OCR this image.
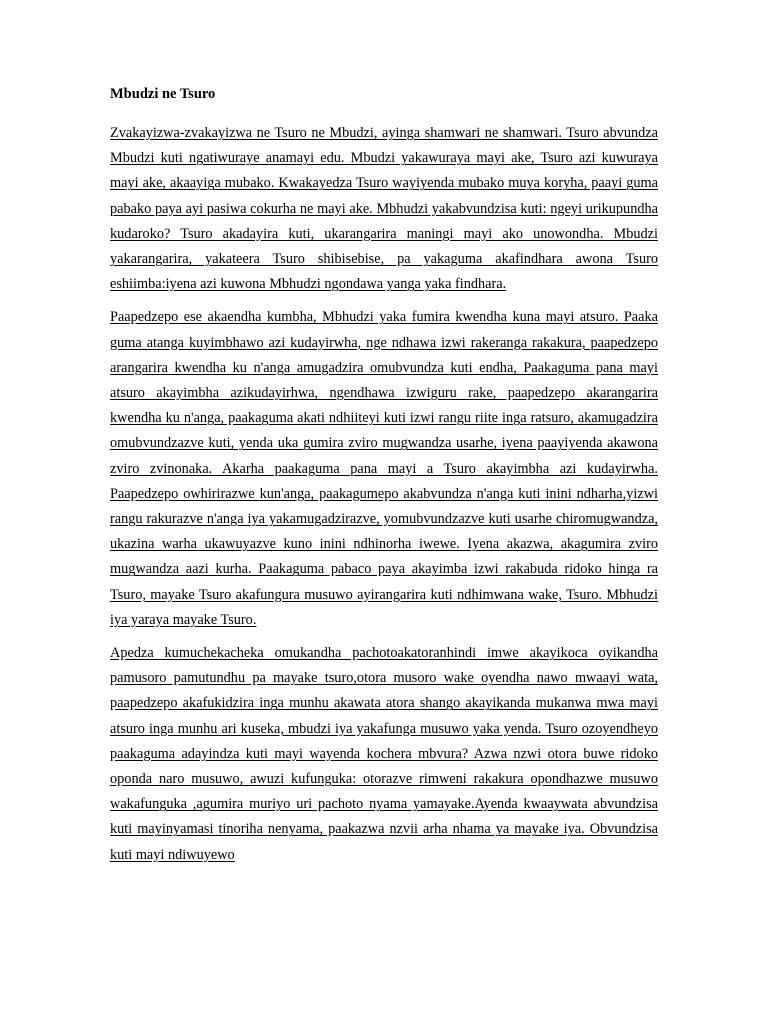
Mbudzi ne Tsuro

Zvakayizwa-zvakayizwa ne Tsuro ne Mbudzi, ayinga shamwari ne shamwari. Tsuro abvundza Mbudzi kuti ngatiwuraye anamayi edu. Mbudzi yakawuraya mayi ake, Tsuro azi kuwuraya mayi ake, akaayiga mubako. Kwakayedza Tsuro wayiyenda mubako muya koryha, paayi guma pabako paya ayi pasiwa cokurha ne mayi ake. Mbhudzi yakabvundzisa kuti: ngeyi urikupundha kudaroko? Tsuro akadayira kuti, ukarangarira maningi mayi ako unowondha. Mbudzi yakarangarira, yakateera Tsuro shibisebise, pa yakaguma akafindhara awona Tsuro eshiimba:iyena azi kuwona Mbhudzi ngondawa yanga yaka findhara.

Paapedzepo ese akaendha kumbha, Mbhudzi yaka fumira kwendha kuna mayi atsuro. Paaka guma atanga kuyimbhawo azi kudayirwha, nge ndhawa izwi rakeranga rakakura, paapedzepo arangarira kwendha ku n'anga amugadzira omubvundza kuti endha, Paakaguma pana mayi atsuro akayimbha azikudayirhwa, ngendhawa izwiguru rake, paapedzepo akarangarira kwendha ku n'anga, paakaguma akati ndhiiteyi kuti izwi rangu riite inga ratsuro, akamugadzira omubvundzazve kuti, yenda uka gumira zviro mugwandza usarhe, iyena paayiyenda akawona zviro zvinonaka. Akarha paakaguma pana mayi a Tsuro akayimbha azi kudayirwha. Paapedzepo owhirirazwe kun'anga, paakagumepo akabvundza n'anga kuti inini ndharha,yizwi rangu rakurazve n'anga iya yakamugadzirazve, yomubvundzazve kuti usarhe chiromugwandza, ukazina warha ukawuyazve kuno inini ndhinorha iwewe. Iyena akazwa, akagumira zviro mugwandza aazi kurha. Paakaguma pabaco paya akayimba izwi rakabuda ridoko hinga ra Tsuro, mayake Tsuro akafungura musuwo ayirangarira kuti ndhimwana wake, Tsuro. Mbhudzi iya yaraya mayake Tsuro.

Apedza kumuchekacheka omukandha pachotoakatoranhindi imwe akayikoca oyikandha pamusoro pamutundhu pa mayake tsuro,otora musoro wake oyendha nawo mwaayi wata, paapedzepo akafukidzira inga munhu akawata atora shango akayikanda mukanwa mwa mayi atsuro inga munhu ari kuseka, mbudzi iya yakafunga musuwo yaka yenda. Tsuro ozoyendheyo paakaguma adayindza kuti mayi wayenda kochera mbvura? Azwa nzwi otora buwe ridoko oponda naro musuwo, awuzi kufunguka: otorazve rimweni rakakura opondhazwe musuwo wakafunguka ,agumira muriyo uri pachoto nyama yamayake.Ayenda kwaaywata abvundzisa kuti mayinyamasi tinoriha nenyama, paakazwa nzvii arha nhama ya mayake iya. Obvundzisa kuti mayi ndiwuyewo
